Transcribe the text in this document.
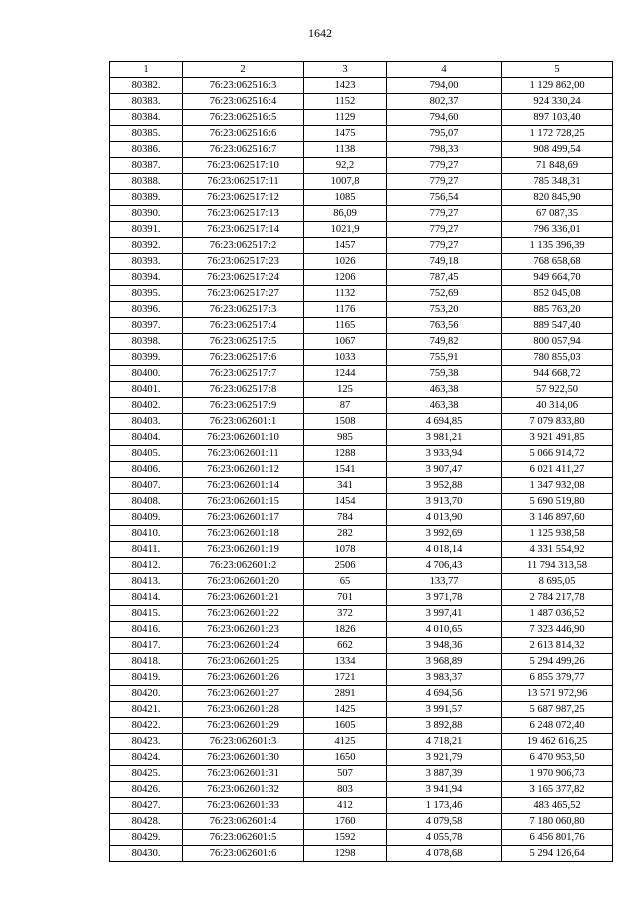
1642
1	2	3	4	5
80382.	76:23:062516:3	1423	794,00	1 129 862,00
80383.	76:23:062516:4	1152	802,37	924 330,24
80384.	76:23:062516:5	1129	794,60	897 103,40
80385.	76:23:062516:6	1475	795,07	1 172 728,25
80386.	76:23:062516:7	1138	798,33	908 499,54
80387.	76:23:062517:10	92,2	779,27	71 848,69
80388.	76:23:062517:11	1007,8	779,27	785 348,31
80389.	76:23:062517:12	1085	756,54	820 845,90
80390.	76:23:062517:13	86,09	779,27	67 087,35
80391.	76:23:062517:14	1021,9	779,27	796 336,01
80392.	76:23:062517:2	1457	779,27	1 135 396,39
80393.	76:23:062517:23	1026	749,18	768 658,68
80394.	76:23:062517:24	1206	787,45	949 664,70
80395.	76:23:062517:27	1132	752,69	852 045,08
80396.	76:23:062517:3	1176	753,20	885 763,20
80397.	76:23:062517:4	1165	763,56	889 547,40
80398.	76:23:062517:5	1067	749,82	800 057,94
80399.	76:23:062517:6	1033	755,91	780 855,03
80400.	76:23:062517:7	1244	759,38	944 668,72
80401.	76:23:062517:8	125	463,38	57 922,50
80402.	76:23:062517:9	87	463,38	40 314,06
80403.	76:23:062601:1	1508	4 694,85	7 079 833,80
80404.	76:23:062601:10	985	3 981,21	3 921 491,85
80405.	76:23:062601:11	1288	3 933,94	5 066 914,72
80406.	76:23:062601:12	1541	3 907,47	6 021 411,27
80407.	76:23:062601:14	341	3 952,88	1 347 932,08
80408.	76:23:062601:15	1454	3 913,70	5 690 519,80
80409.	76:23:062601:17	784	4 013,90	3 146 897,60
80410.	76:23:062601:18	282	3 992,69	1 125 938,58
80411.	76:23:062601:19	1078	4 018,14	4 331 554,92
80412.	76:23:062601:2	2506	4 706,43	11 794 313,58
80413.	76:23:062601:20	65	133,77	8 695,05
80414.	76:23:062601:21	701	3 971,78	2 784 217,78
80415.	76:23:062601:22	372	3 997,41	1 487 036,52
80416.	76:23:062601:23	1826	4 010,65	7 323 446,90
80417.	76:23:062601:24	662	3 948,36	2 613 814,32
80418.	76:23:062601:25	1334	3 968,89	5 294 499,26
80419.	76:23:062601:26	1721	3 983,37	6 855 379,77
80420.	76:23:062601:27	2891	4 694,56	13 571 972,96
80421.	76:23:062601:28	1425	3 991,57	5 687 987,25
80422.	76:23:062601:29	1605	3 892,88	6 248 072,40
80423.	76:23:062601:3	4125	4 718,21	19 462 616,25
80424.	76:23:062601:30	1650	3 921,79	6 470 953,50
80425.	76:23:062601:31	507	3 887,39	1 970 906,73
80426.	76:23:062601:32	803	3 941,94	3 165 377,82
80427.	76:23:062601:33	412	1 173,46	483 465,52
80428.	76:23:062601:4	1760	4 079,58	7 180 060,80
80429.	76:23:062601:5	1592	4 055,78	6 456 801,76
80430.	76:23:062601:6	1298	4 078,68	5 294 126,64
